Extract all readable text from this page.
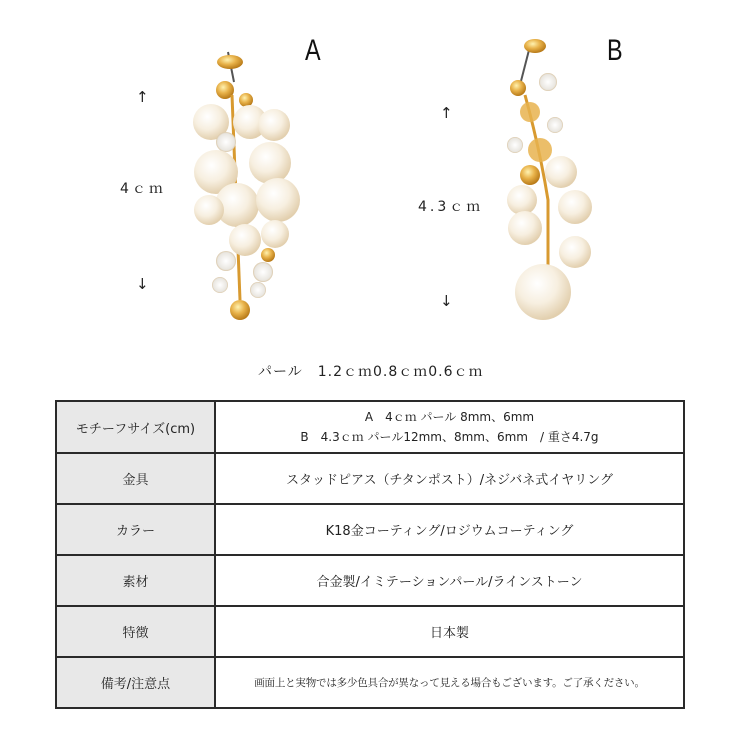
A	B
↑
4ｃｍ
↓
↑
4.3ｃｍ
↓
パール　1.2ｃｍ0.8ｃｍ0.6ｃｍ
モチーフサイズ(cm)	A　4ｃｍ パール 8mm、6mm
B　4.3ｃｍ パール12mm、8mm、6mm　/ 重さ4.7g

金具	スタッドピアス（チタンポスト）/ネジバネ式イヤリング
カラー	K18金コーティング/ロジウムコーティング
素材	合金製/イミテーションパール/ラインストーン
特徴	日本製
備考/注意点	画面上と実物では多少色具合が異なって見える場合もございます。ご了承ください。
